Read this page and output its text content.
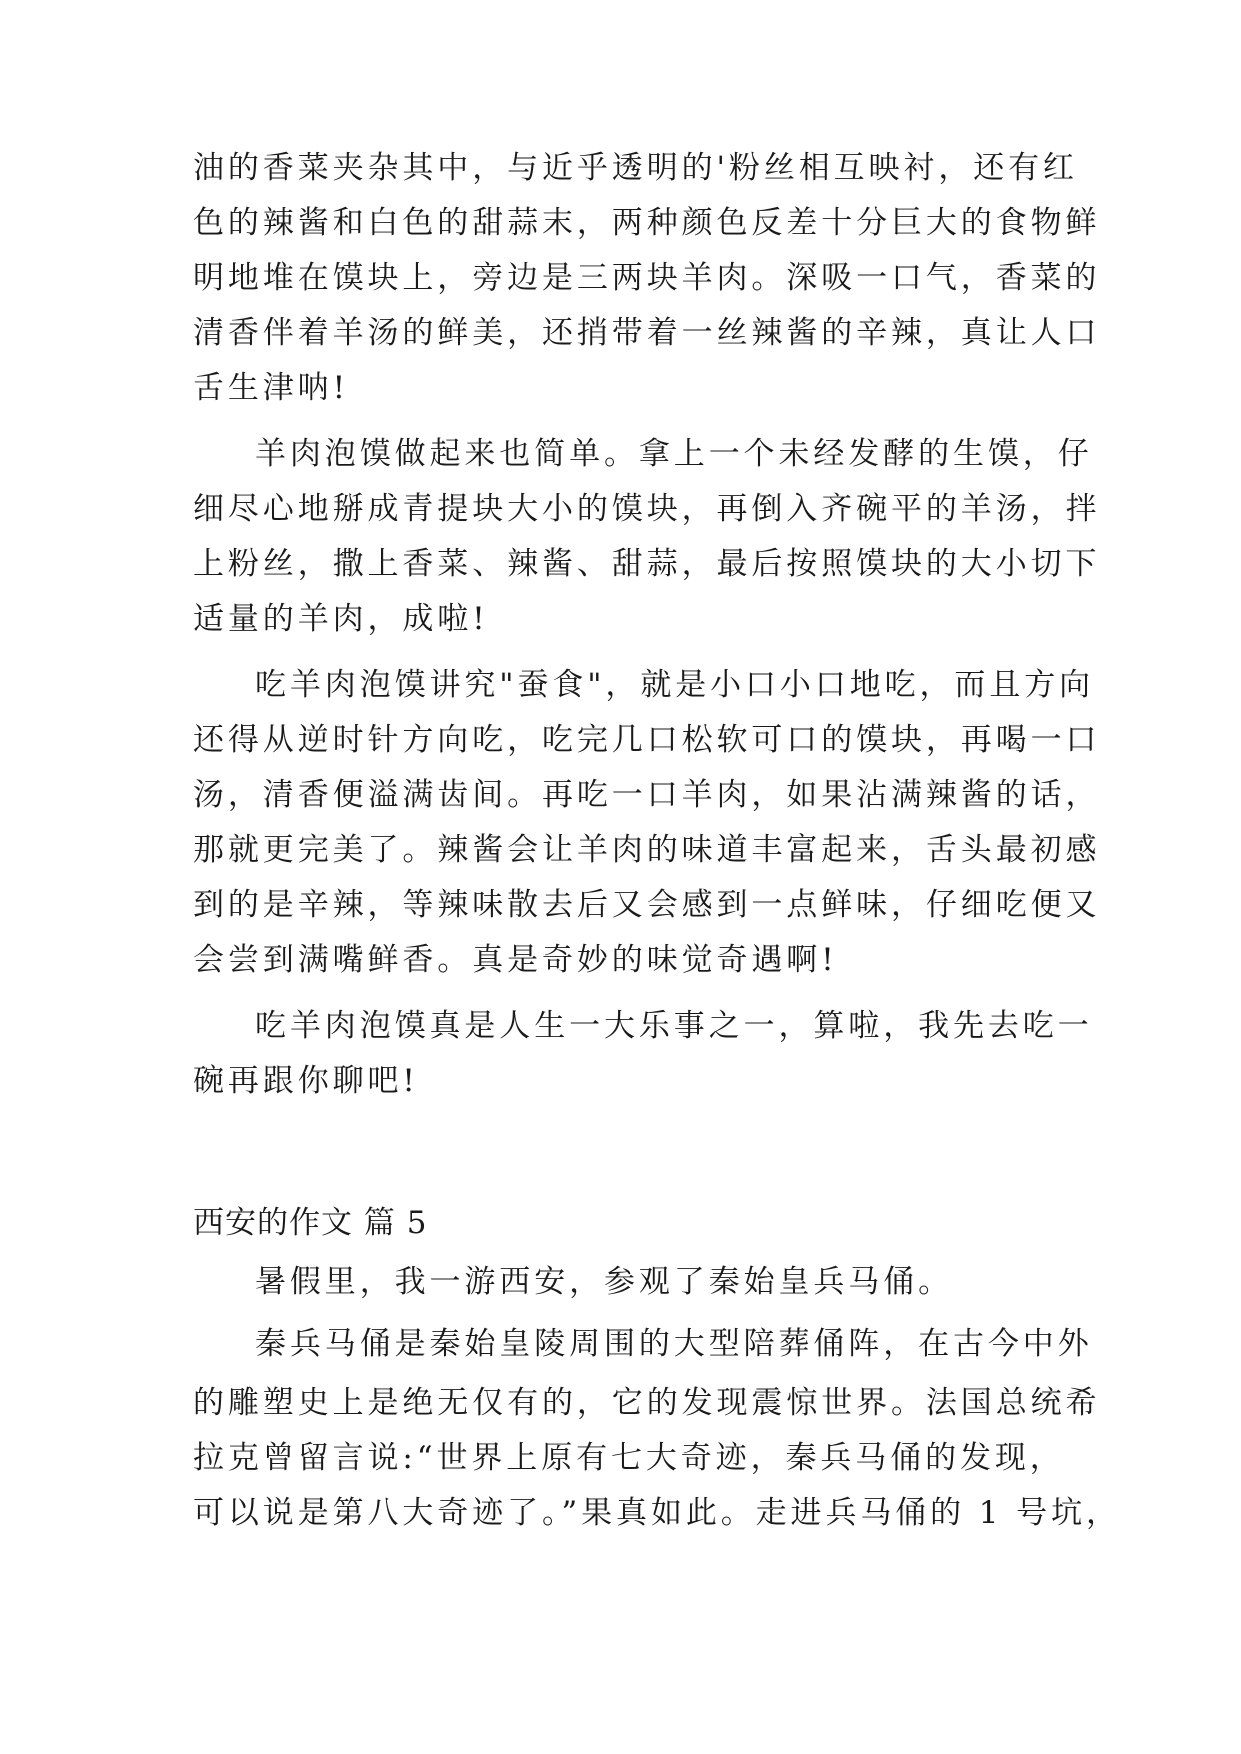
油的香菜夹杂其中，与近乎透明的'粉丝相互映衬，还有红
色的辣酱和白色的甜蒜末，两种颜色反差十分巨大的食物鲜
明地堆在馍块上，旁边是三两块羊肉。深吸一口气，香菜的
清香伴着羊汤的鲜美，还捎带着一丝辣酱的辛辣，真让人口
舌生津呐!
羊肉泡馍做起来也简单。拿上一个未经发酵的生馍，仔
细尽心地掰成青提块大小的馍块，再倒入齐碗平的羊汤，拌
上粉丝，撒上香菜、辣酱、甜蒜，最后按照馍块的大小切下
适量的羊肉，成啦!
吃羊肉泡馍讲究"蚕食"，就是小口小口地吃，而且方向
还得从逆时针方向吃，吃完几口松软可口的馍块，再喝一口
汤，清香便溢满齿间。再吃一口羊肉，如果沾满辣酱的话，
那就更完美了。辣酱会让羊肉的味道丰富起来，舌头最初感
到的是辛辣，等辣味散去后又会感到一点鲜味，仔细吃便又
会尝到满嘴鲜香。真是奇妙的味觉奇遇啊!
吃羊肉泡馍真是人生一大乐事之一，算啦，我先去吃一
碗再跟你聊吧!
西安的作文 篇 5
暑假里，我一游西安，参观了秦始皇兵马俑。
秦兵马俑是秦始皇陵周围的大型陪葬俑阵，在古今中外
的雕塑史上是绝无仅有的，它的发现震惊世界。法国总统希
拉克曾留言说:“世界上原有七大奇迹，秦兵马俑的发现，
可以说是第八大奇迹了。”果真如此。走进兵马俑的 1 号坑，
